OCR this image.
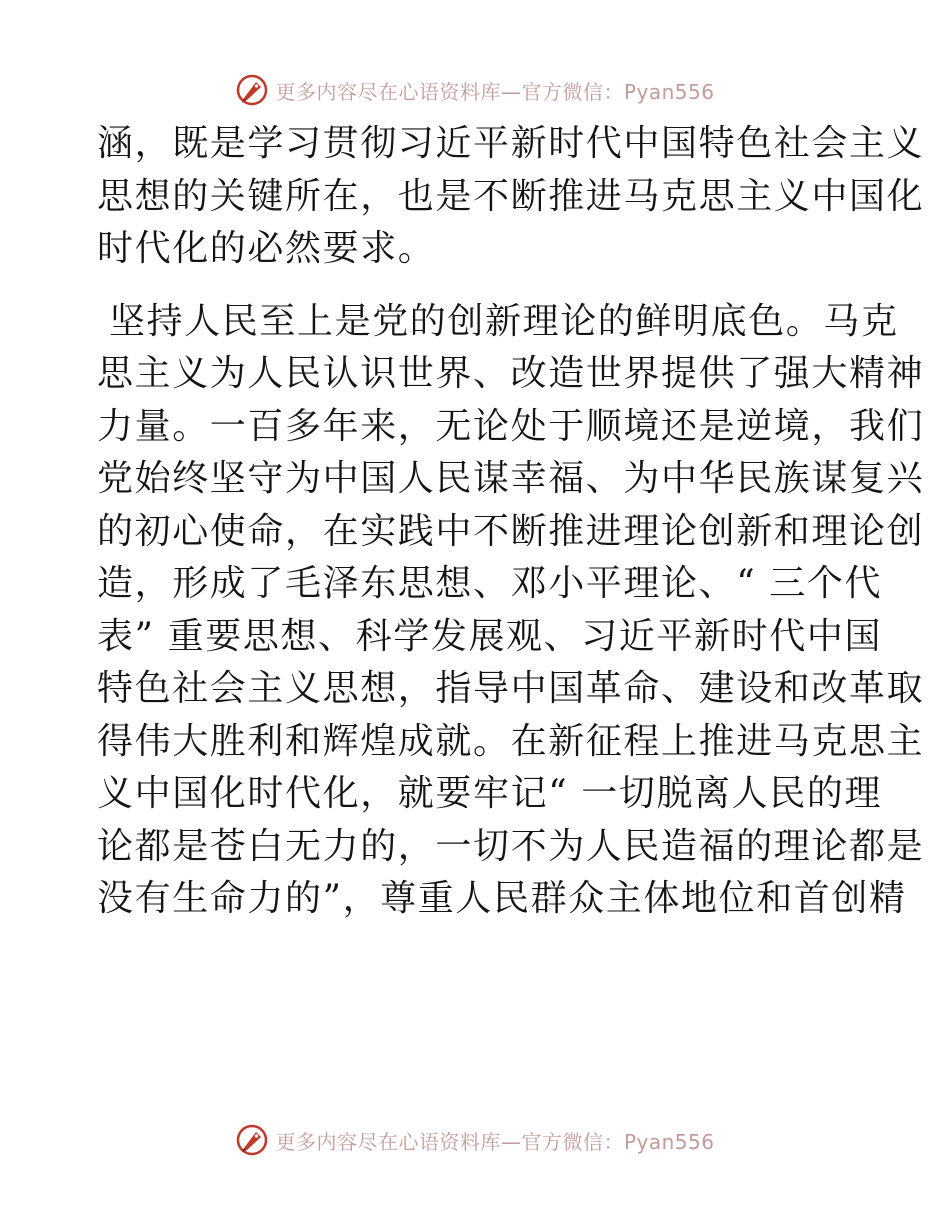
更多内容尽在心语资料库—官方微信：Pyan556

涵，既是学习贯彻习近平新时代中国特色社会主义
思想的关键所在，也是不断推进马克思主义中国化
时代化的必然要求。

坚持人民至上是党的创新理论的鲜明底色。马克
思主义为人民认识世界、改造世界提供了强大精神
力量。一百多年来，无论处于顺境还是逆境，我们
党始终坚守为中国人民谋幸福、为中华民族谋复兴
的初心使命，在实践中不断推进理论创新和理论创
造，形成了毛泽东思想、邓小平理论、“ 三个代
表” 重要思想、科学发展观、习近平新时代中国
特色社会主义思想，指导中国革命、建设和改革取
得伟大胜利和辉煌成就。在新征程上推进马克思主
义中国化时代化，就要牢记“ 一切脱离人民的理
论都是苍白无力的，一切不为人民造福的理论都是
没有生命力的”，尊重人民群众主体地位和首创精

更多内容尽在心语资料库—官方微信：Pyan556
